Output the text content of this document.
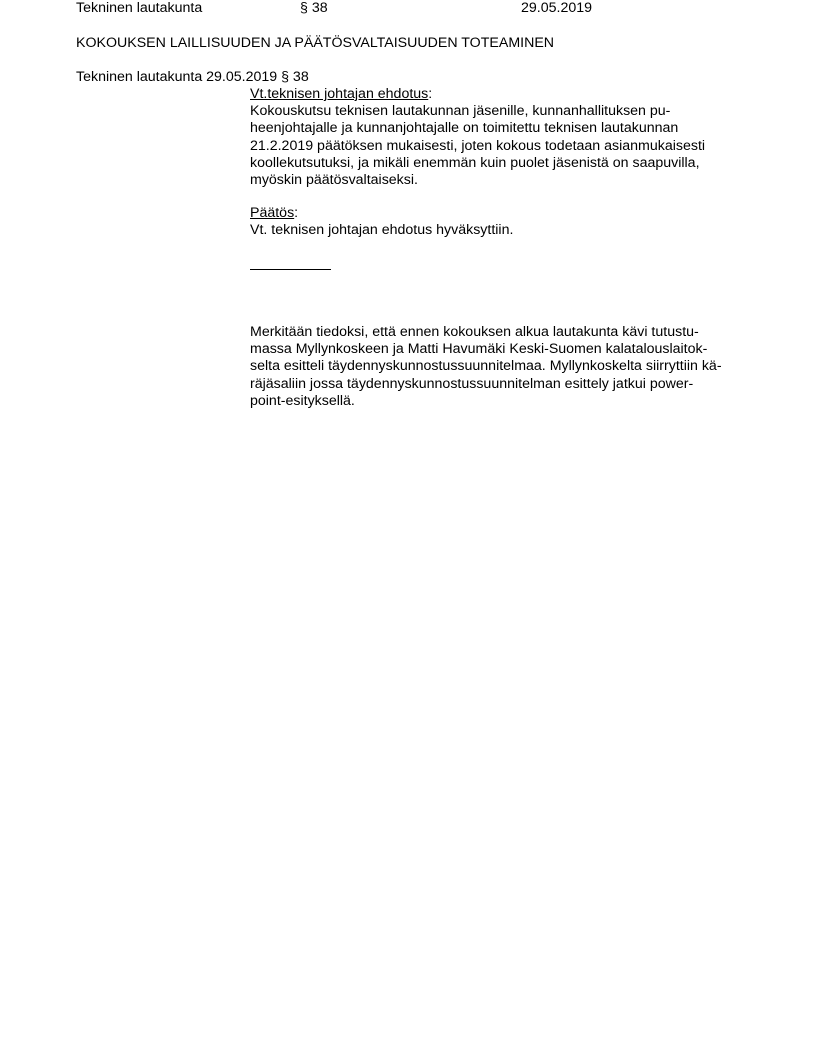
Tekninen lautakunta	§ 38	29.05.2019
KOKOUKSEN LAILLISUUDEN JA PÄÄTÖSVALTAISUUDEN TOTEAMINEN
Tekninen lautakunta 29.05.2019 § 38

Vt.teknisen johtajan ehdotus:

Kokouskutsu teknisen lautakunnan jäsenille, kunnanhallituksen pu-

heenjohtajalle ja kunnanjohtajalle on toimitettu teknisen lautakunnan

21.2.2019 päätöksen mukaisesti, joten kokous todetaan asianmukaisesti

koollekutsutuksi, ja mikäli enemmän kuin puolet jäsenistä on saapuvilla,

myöskin päätösvaltaiseksi.

Päätös:

Vt. teknisen johtajan ehdotus hyväksyttiin.

Merkitään tiedoksi, että ennen kokouksen alkua lautakunta kävi tutustu-

massa Myllynkoskeen ja Matti Havumäki Keski-Suomen kalatalouslaitok-

selta esitteli täydennyskunnostussuunnitelmaa. Myllynkoskelta siirryttiin kä-

räjäsaliin jossa täydennyskunnostussuunnitelman esittely jatkui power-

point-esityksellä.
